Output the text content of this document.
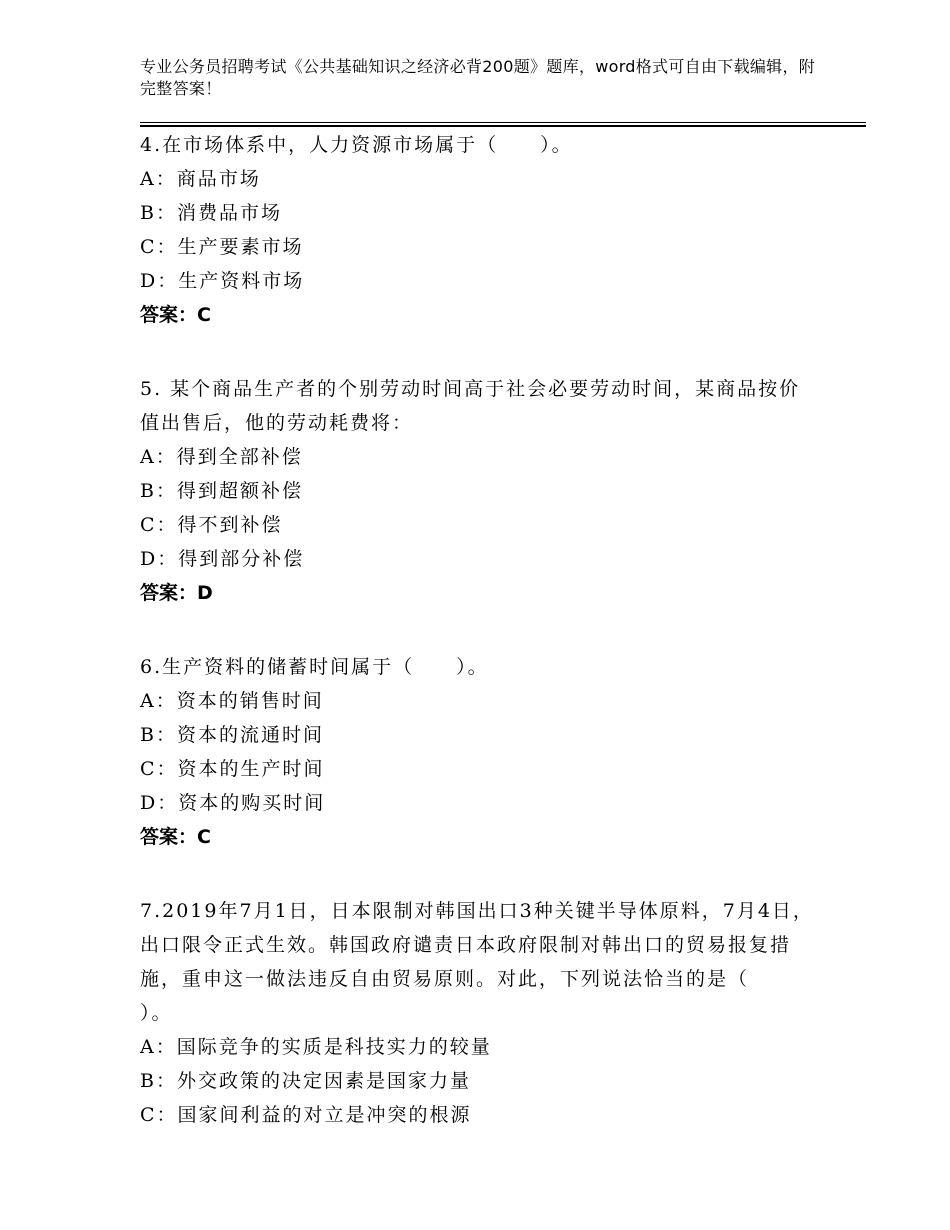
专业公务员招聘考试《公共基础知识之经济必背200题》题库，word格式可自由下载编辑，附完整答案！

4.在市场体系中，人力资源市场属于（　　）。

A：商品市场
B：消费品市场
C：生产要素市场
D：生产资料市场
答案：C

5. 某个商品生产者的个别劳动时间高于社会必要劳动时间，某商品按价值出售后，他的劳动耗费将：

A：得到全部补偿
B：得到超额补偿
C：得不到补偿
D：得到部分补偿
答案：D

6.生产资料的储蓄时间属于（　　）。

A：资本的销售时间
B：资本的流通时间
C：资本的生产时间
D：资本的购买时间
答案：C

7.2019年7月1日，日本限制对韩国出口3种关键半导体原料，7月4日，出口限令正式生效。韩国政府谴责日本政府限制对韩出口的贸易报复措施，重申这一做法违反自由贸易原则。对此，下列说法恰当的是（　　）。

A：国际竞争的实质是科技实力的较量
B：外交政策的决定因素是国家力量
C：国家间利益的对立是冲突的根源
